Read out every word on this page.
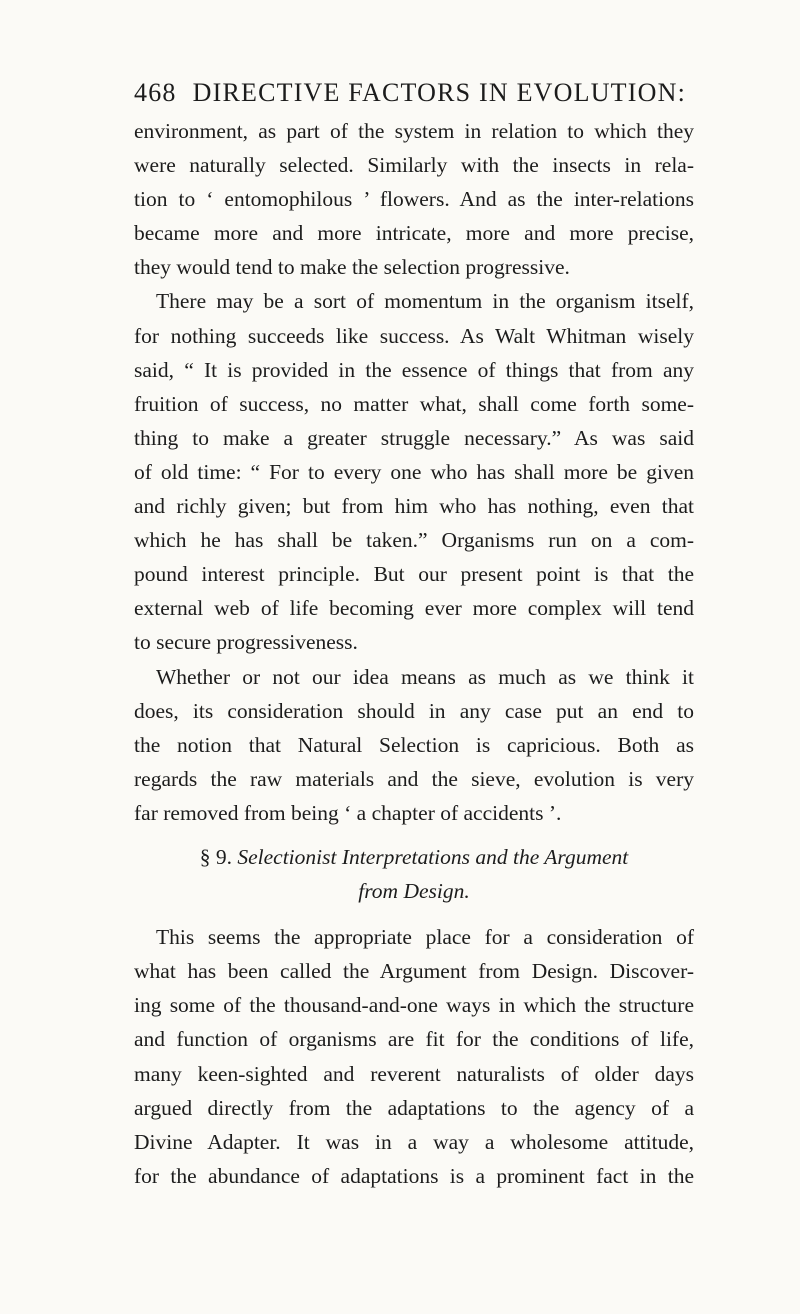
468 DIRECTIVE FACTORS IN EVOLUTION:
environment, as part of the system in relation to which they
were naturally selected. Similarly with the insects in rela-
tion to ‘ entomophilous ’ flowers. And as the inter-relations
became more and more intricate, more and more precise,
they would tend to make the selection progressive.
There may be a sort of momentum in the organism itself,
for nothing succeeds like success. As Walt Whitman wisely
said, “ It is provided in the essence of things that from any
fruition of success, no matter what, shall come forth some-
thing to make a greater struggle necessary.” As was said
of old time: “ For to every one who has shall more be given
and richly given; but from him who has nothing, even that
which he has shall be taken.” Organisms run on a com-
pound interest principle. But our present point is that the
external web of life becoming ever more complex will tend
to secure progressiveness.
Whether or not our idea means as much as we think it
does, its consideration should in any case put an end to
the notion that Natural Selection is capricious. Both as
regards the raw materials and the sieve, evolution is very
far removed from being ‘ a chapter of accidents ’.
§ 9. Selectionist Interpretations and the Argument
from Design.
This seems the appropriate place for a consideration of
what has been called the Argument from Design. Discover-
ing some of the thousand-and-one ways in which the structure
and function of organisms are fit for the conditions of life,
many keen-sighted and reverent naturalists of older days
argued directly from the adaptations to the agency of a
Divine Adapter. It was in a way a wholesome attitude,
for the abundance of adaptations is a prominent fact in the
